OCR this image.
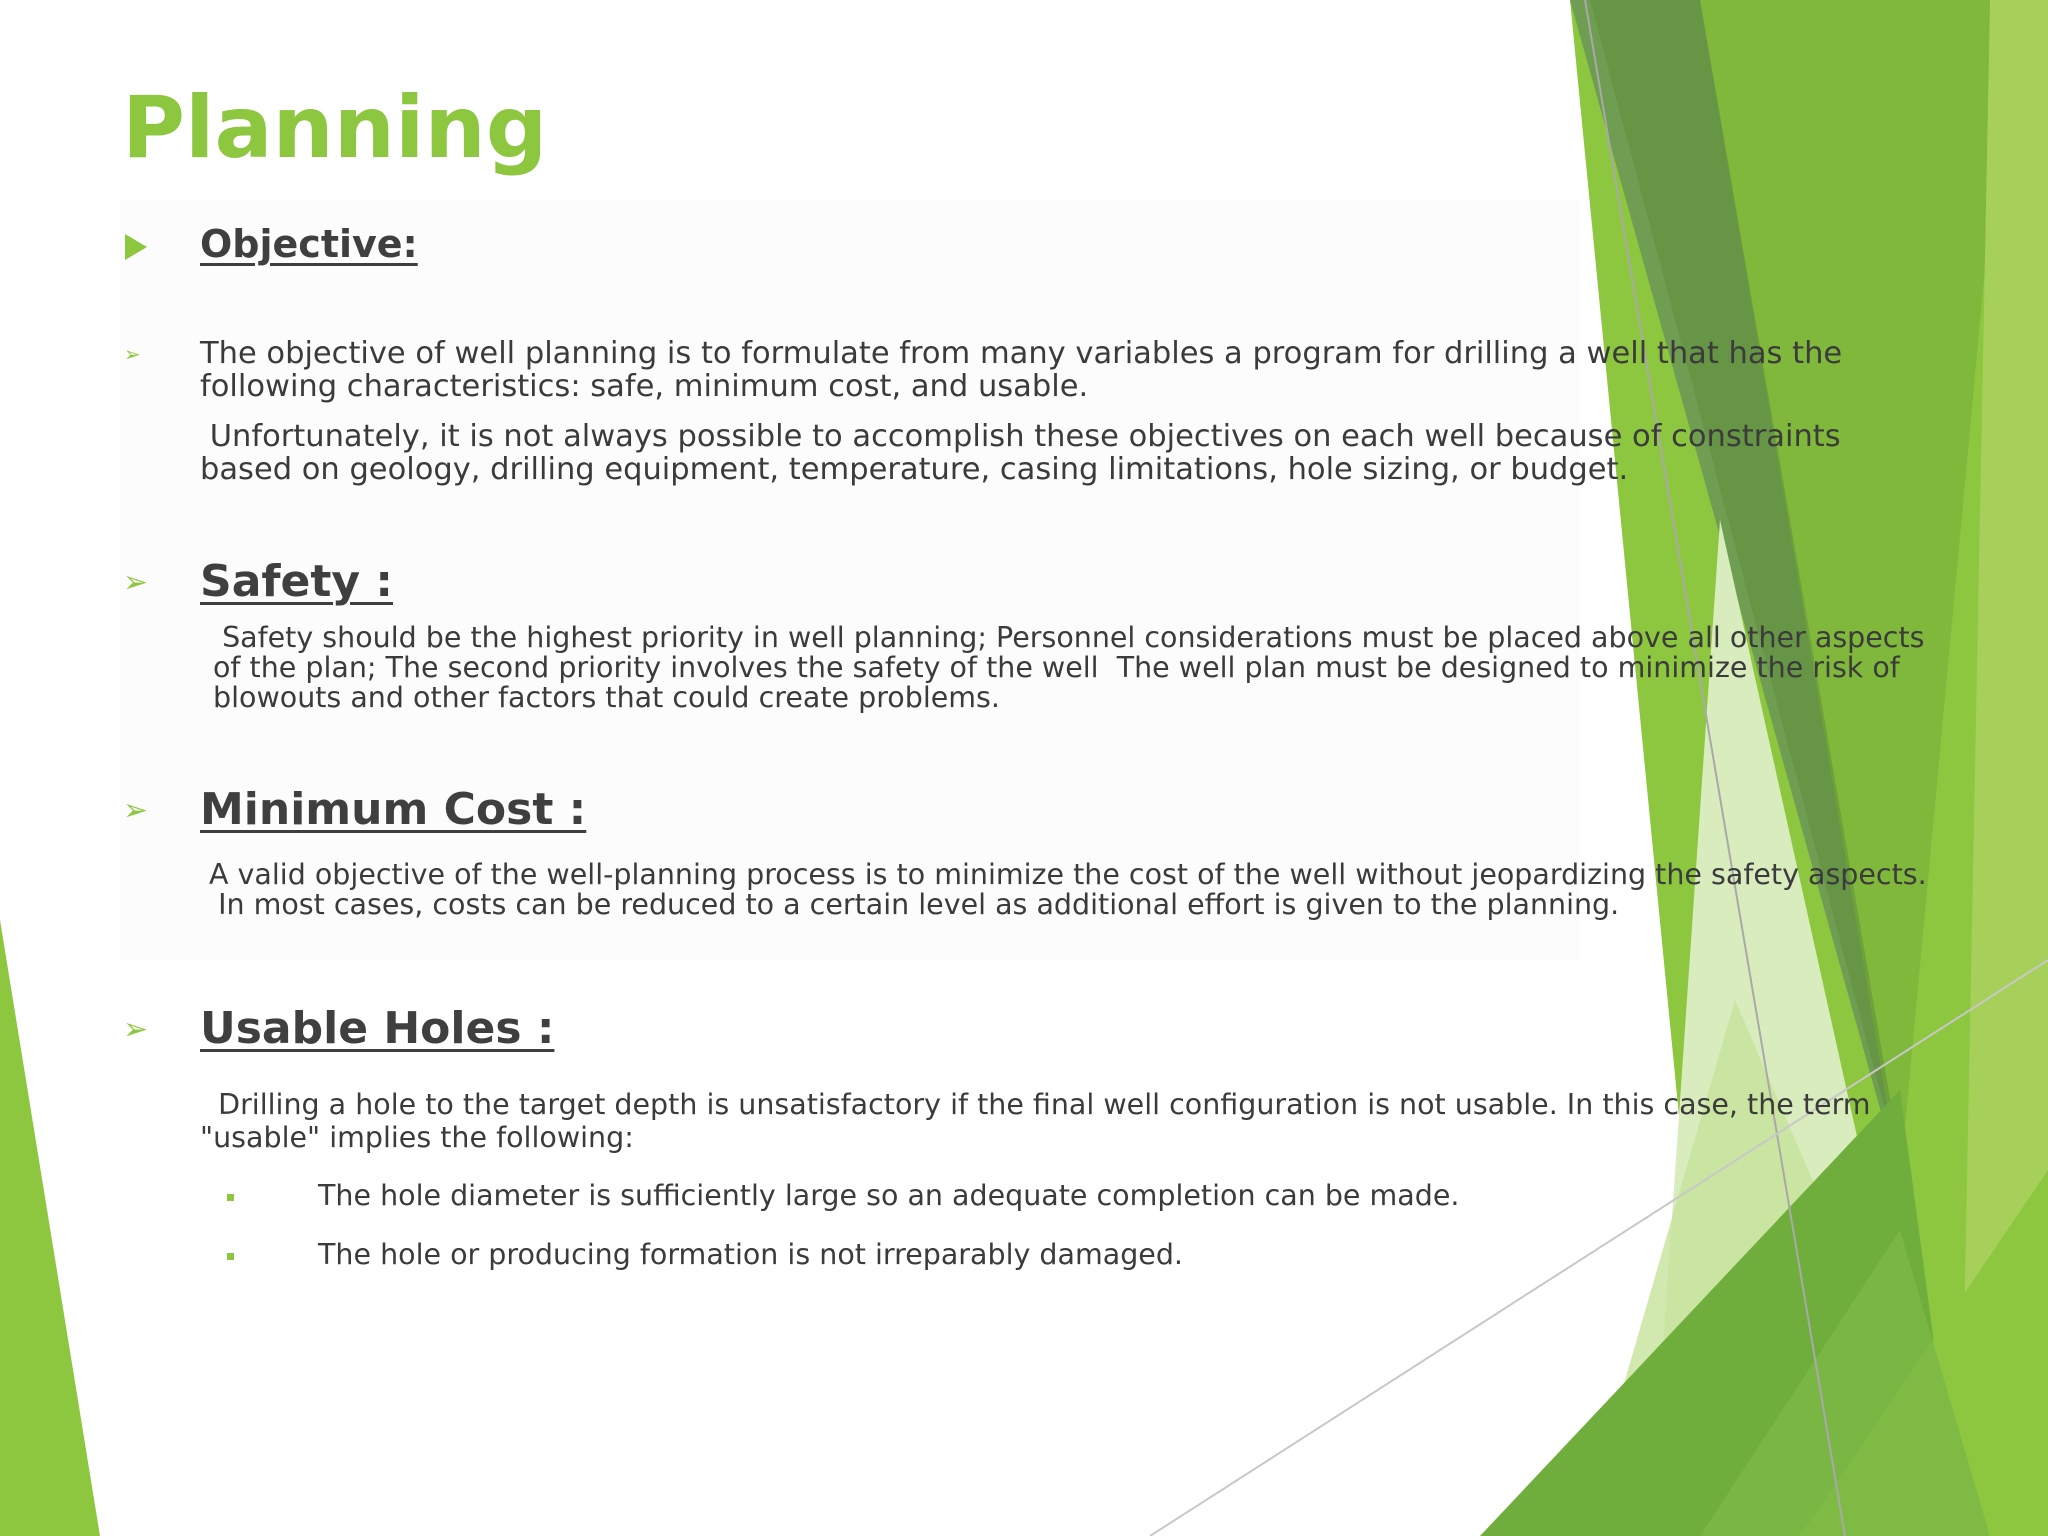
Planning
Objective:
➢ The objective of well planning is to formulate from many variables a program for drilling a well that has the

following characteristics: safe, minimum cost, and usable.

Unfortunately, it is not always possible to accomplish these objectives on each well because of constraints

based on geology, drilling equipment, temperature, casing limitations, hole sizing, or budget.

➢ Safety :

Safety should be the highest priority in well planning; Personnel considerations must be placed above all other aspects

of the plan; The second priority involves the safety of the well  The well plan must be designed to minimize the risk of

blowouts and other factors that could create problems.

➢ Minimum Cost :

A valid objective of the well-planning process is to minimize the cost of the well without jeopardizing the safety aspects.

In most cases, costs can be reduced to a certain level as additional effort is given to the planning.

➢ Usable Holes :

Drilling a hole to the target depth is unsatisfactory if the final well configuration is not usable. In this case, the term

"usable" implies the following:

The hole diameter is sufficiently large so an adequate completion can be made.

The hole or producing formation is not irreparably damaged.
